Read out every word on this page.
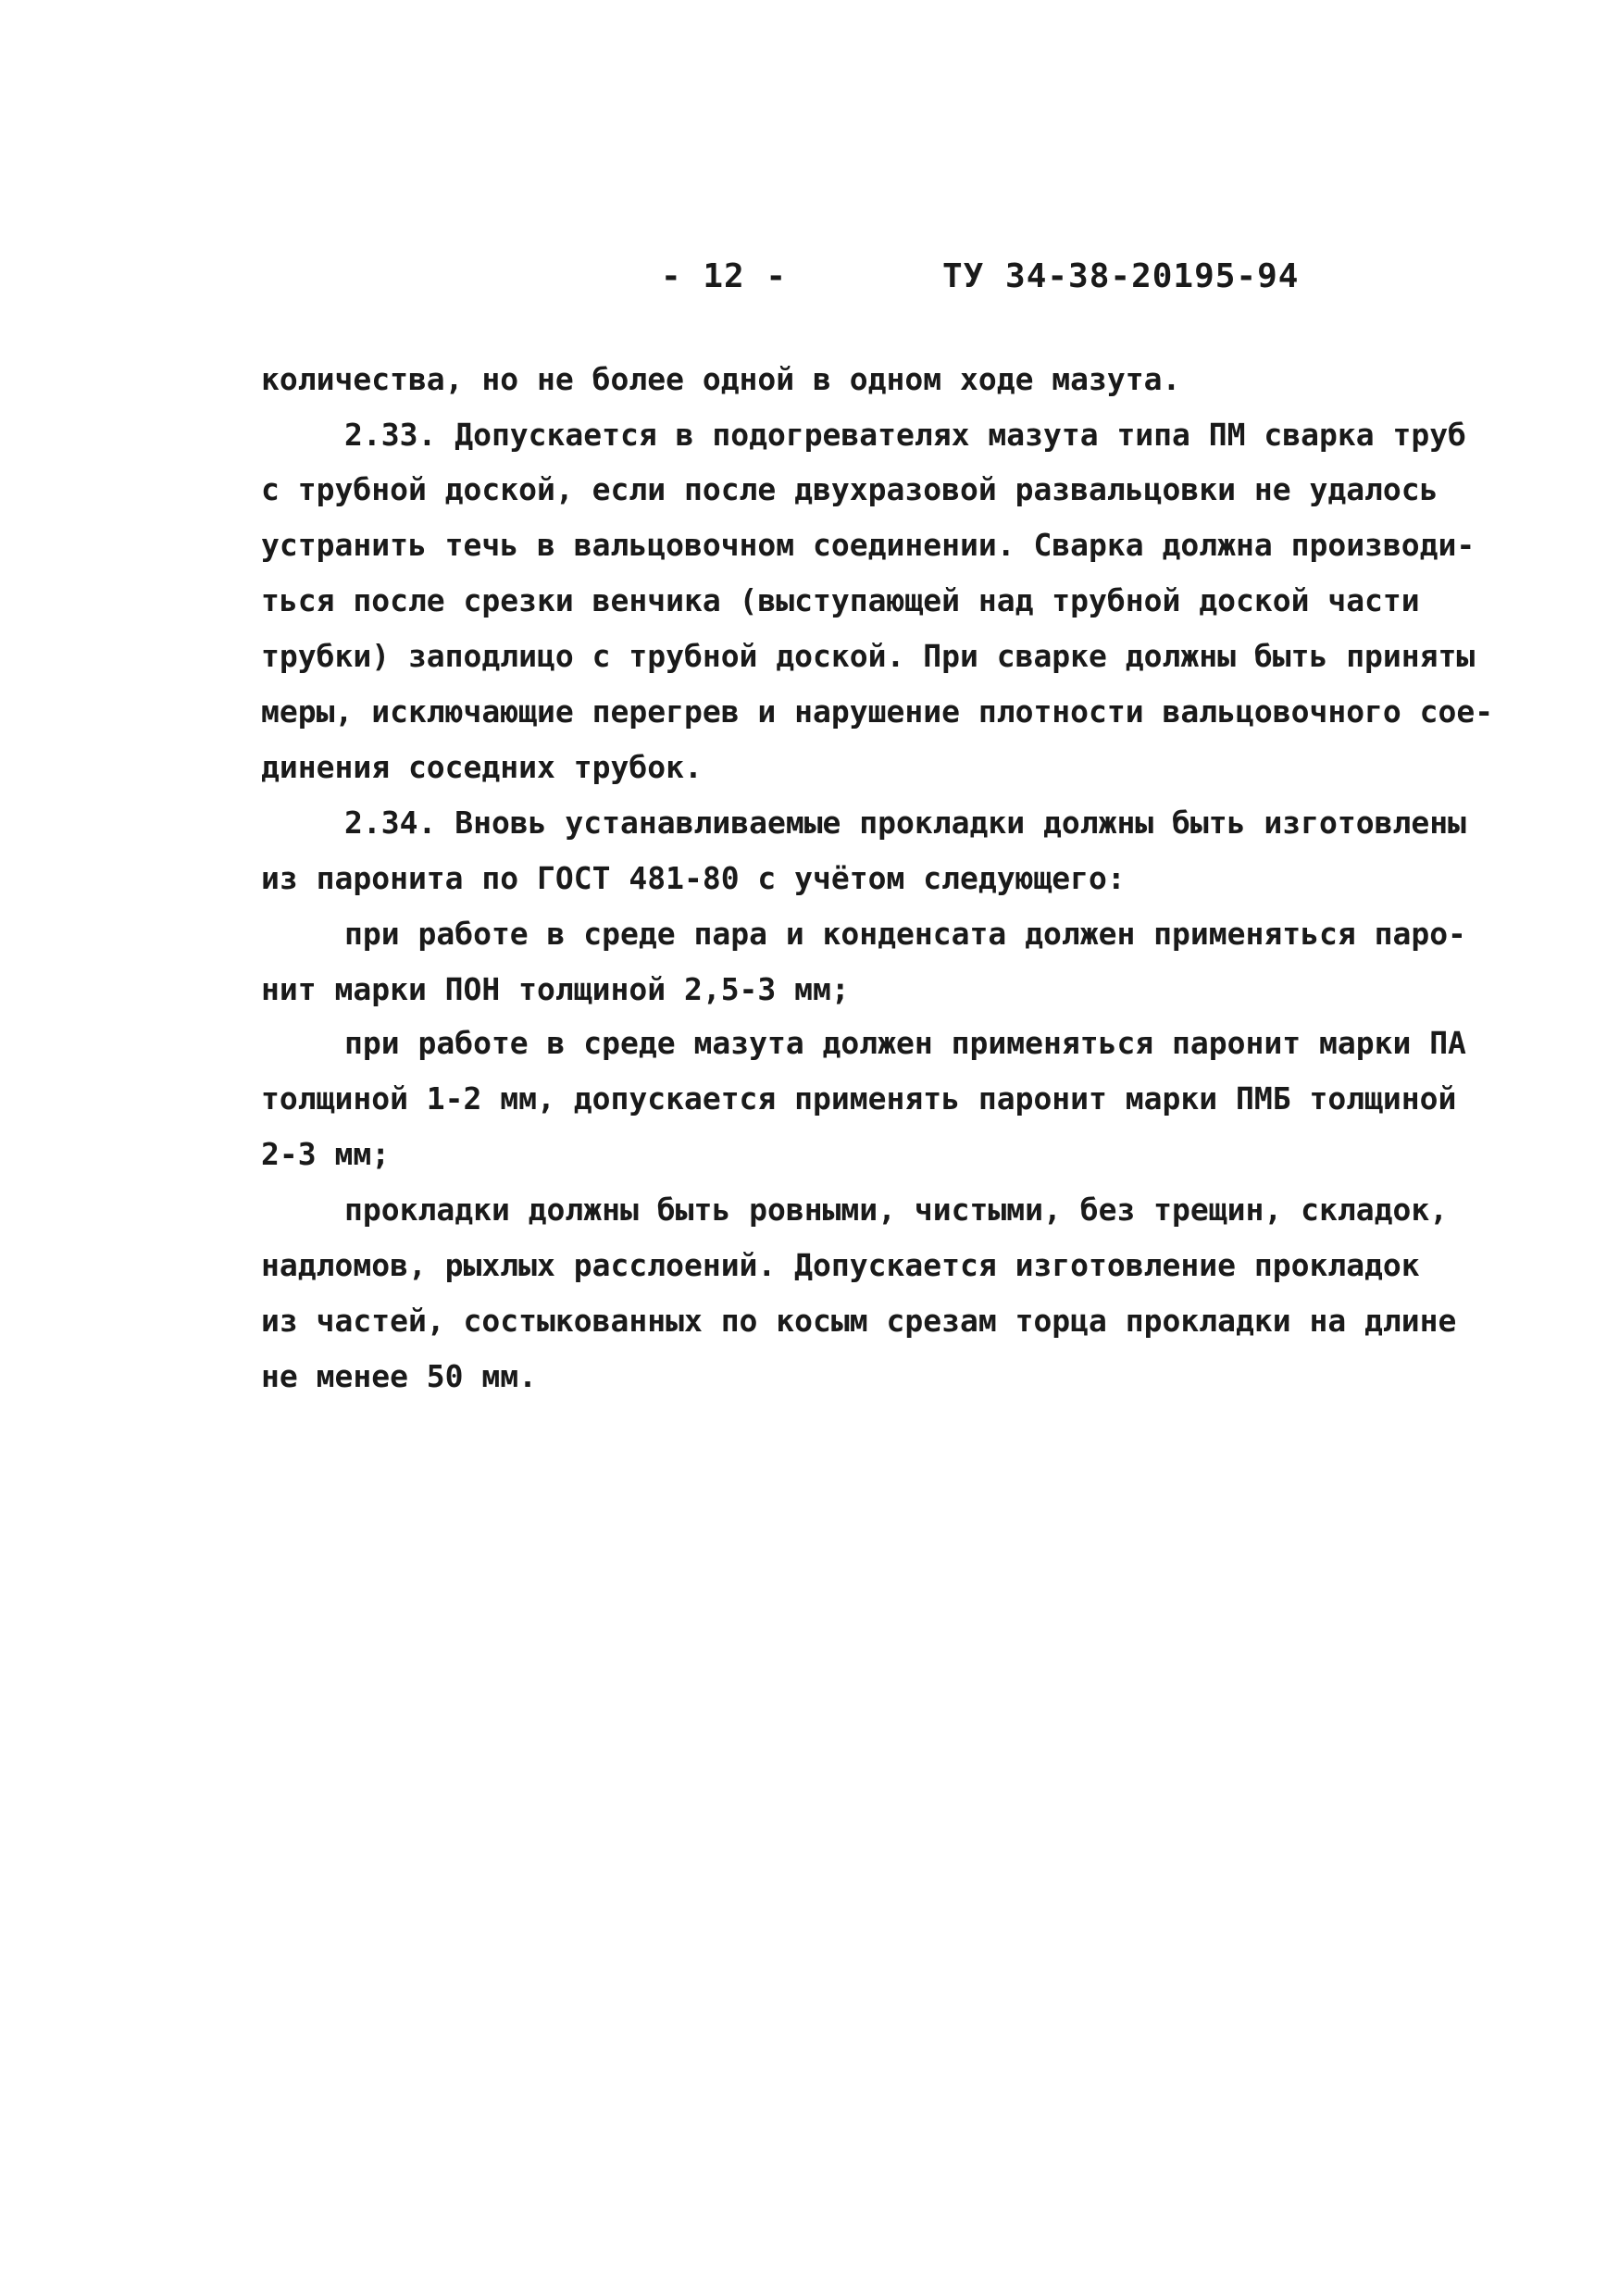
- 12 -	ТУ 34-38-20195-94
количества, но не более одной в одном ходе мазута.
2.33. Допускается в подогревателях мазута типа ПМ сварка труб
с трубной доской, если после двухразовой развальцовки не удалось
устранить течь в вальцовочном соединении. Сварка должна производи-
ться после срезки венчика (выступающей над трубной доской части
трубки) заподлицо с трубной доской. При сварке должны быть приняты
меры, исключающие перегрев и нарушение плотности вальцовочного сое-
динения соседних трубок.
2.34. Вновь устанавливаемые прокладки должны быть изготовлены
из паронита по ГОСТ 481-80 с учётом следующего:
при работе в среде пара и конденсата должен применяться паро-
нит марки ПОН толщиной 2,5-3 мм;
при работе в среде мазута должен применяться паронит марки ПА
толщиной 1-2 мм, допускается применять паронит марки ПМБ толщиной
2-3 мм;
прокладки должны быть ровными, чистыми, без трещин, складок,
надломов, рыхлых расслоений. Допускается изготовление прокладок
из частей, состыкованных по косым срезам торца прокладки на длине
не менее 50 мм.
